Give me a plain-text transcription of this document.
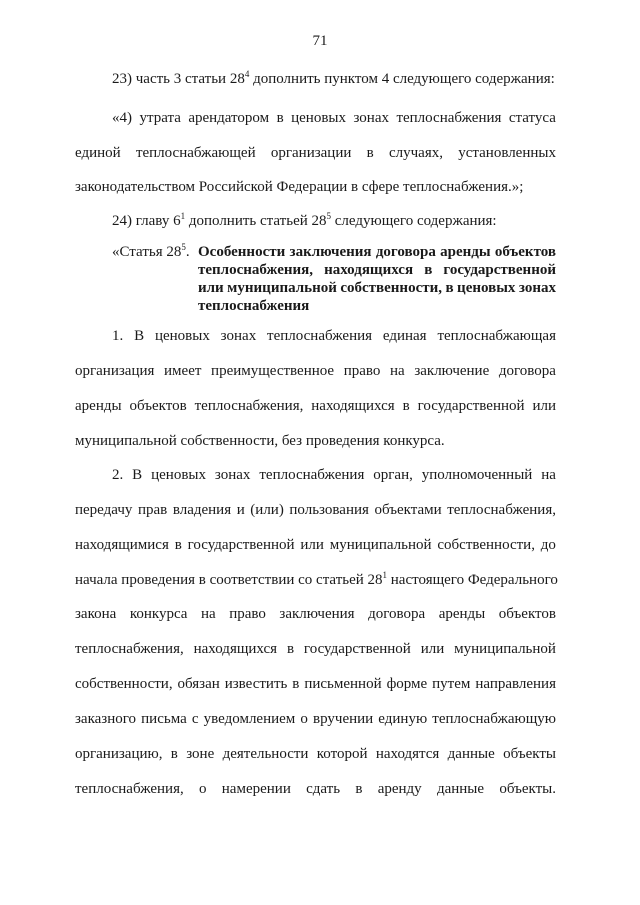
71
23) часть 3 статьи $28^4$ дополнить пунктом 4 следующего содержания:
«4) утрата арендатором в ценовых зонах теплоснабжения статуса
единой теплоснабжающей организации в случаях, установленных
законодательством Российской Федерации в сфере теплоснабжения.»;
24) главу $6^1$ дополнить статьей $28^5$ следующего содержания:
«Статья $28^5$. Особенности заключения договора аренды объектов
теплоснабжения, находящихся в государственной
или муниципальной собственности, в ценовых зонах
теплоснабжения
1. В ценовых зонах теплоснабжения единая теплоснабжающая
организация имеет преимущественное право на заключение договора
аренды объектов теплоснабжения, находящихся в государственной или
муниципальной собственности, без проведения конкурса.
2. В ценовых зонах теплоснабжения орган, уполномоченный на
передачу прав владения и (или) пользования объектами теплоснабжения,
находящимися в государственной или муниципальной собственности, до
начала проведения в соответствии со статьей $28^1$ настоящего Федерального
закона конкурса на право заключения договора аренды объектов
теплоснабжения, находящихся в государственной или муниципальной
собственности, обязан известить в письменной форме путем направления
заказного письма с уведомлением о вручении единую теплоснабжающую
организацию, в зоне деятельности которой находятся данные объекты
теплоснабжения, о намерении сдать в аренду данные объекты.
